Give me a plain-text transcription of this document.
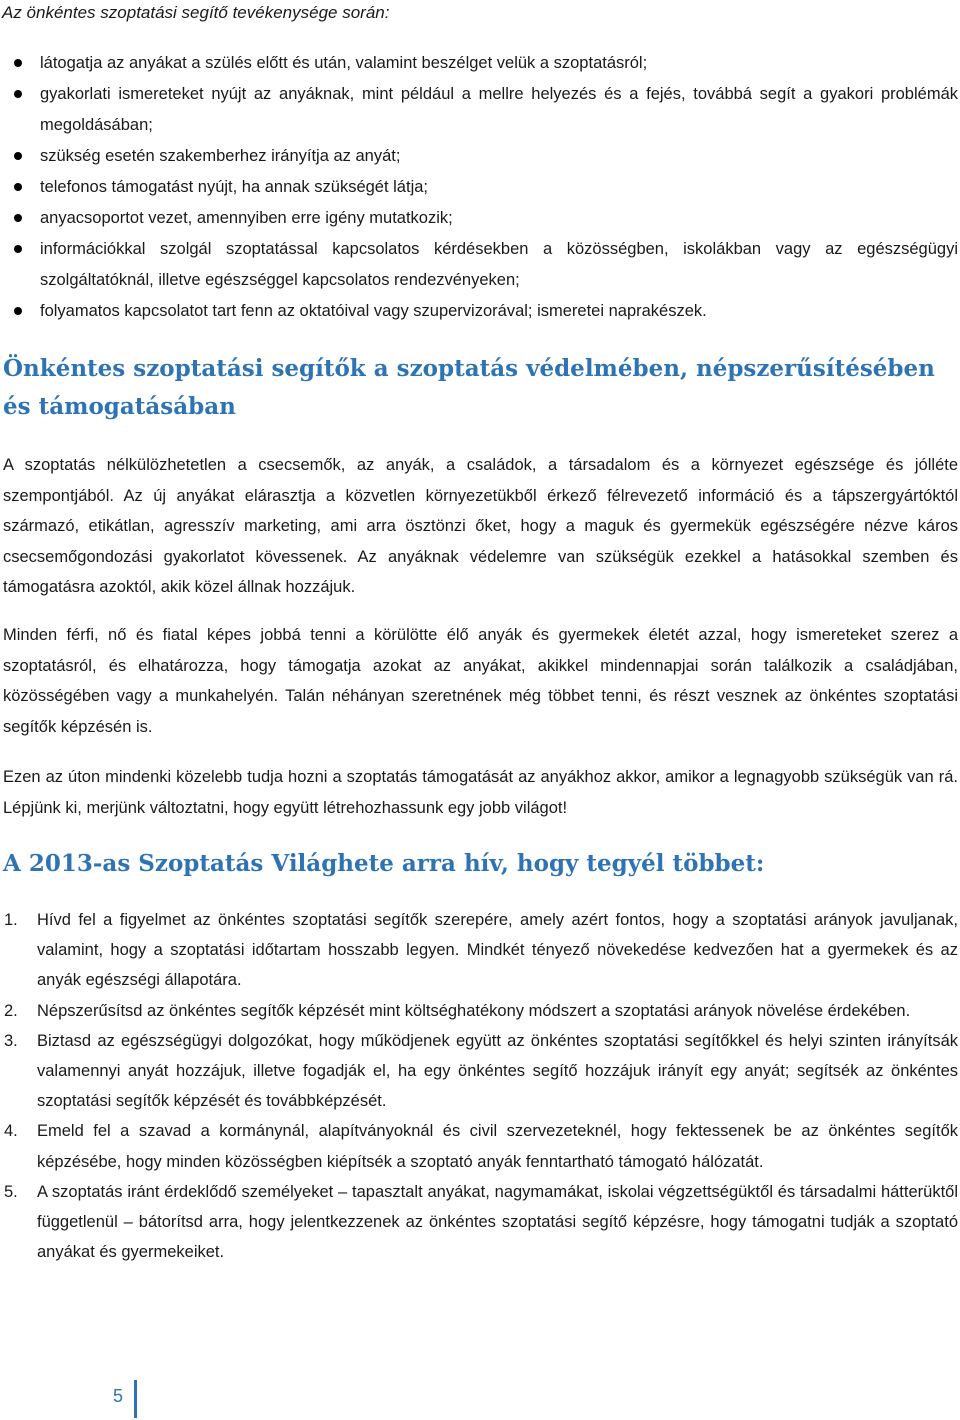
Az önkéntes szoptatási segítő tevékenysége során:
látogatja az anyákat a szülés előtt és után, valamint beszélget velük a szoptatásról;
gyakorlati ismereteket nyújt az anyáknak, mint például a mellre helyezés és a fejés, továbbá segít a gyakori problémák megoldásában;
szükség esetén szakemberhez irányítja az anyát;
telefonos támogatást nyújt, ha annak szükségét látja;
anyacsoportot vezet, amennyiben erre igény mutatkozik;
információkkal szolgál szoptatással kapcsolatos kérdésekben a közösségben, iskolákban vagy az egészségügyi szolgáltatóknál, illetve egészséggel kapcsolatos rendezvényeken;
folyamatos kapcsolatot tart fenn az oktatóival vagy szupervizorával; ismeretei naprakészek.
Önkéntes szoptatási segítők a szoptatás védelmében, népszerűsítésében és támogatásában

A szoptatás nélkülözhetetlen a csecsemők, az anyák, a családok, a társadalom és a környezet egészsége és jólléte szempontjából. Az új anyákat elárasztja a közvetlen környezetükből érkező félrevezető információ és a tápszergyártóktól származó, etikátlan, agresszív marketing, ami arra ösztönzi őket, hogy a maguk és gyermekük egészségére nézve káros csecsemőgondozási gyakorlatot kövessenek. Az anyáknak védelemre van szükségük ezekkel a hatásokkal szemben és támogatásra azoktól, akik közel állnak hozzájuk.

Minden férfi, nő és fiatal képes jobbá tenni a körülötte élő anyák és gyermekek életét azzal, hogy ismereteket szerez a szoptatásról, és elhatározza, hogy támogatja azokat az anyákat, akikkel mindennapjai során találkozik a családjában, közösségében vagy a munkahelyén. Talán néhányan szeretnének még többet tenni, és részt vesznek az önkéntes szoptatási segítők képzésén is.

Ezen az úton mindenki közelebb tudja hozni a szoptatás támogatását az anyákhoz akkor, amikor a legnagyobb szükségük van rá. Lépjünk ki, merjünk változtatni, hogy együtt létrehozhassunk egy jobb világot!

A 2013-as Szoptatás Világhete arra hív, hogy tegyél többet:
1. Hívd fel a figyelmet az önkéntes szoptatási segítők szerepére, amely azért fontos, hogy a szoptatási arányok javuljanak, valamint, hogy a szoptatási időtartam hosszabb legyen. Mindkét tényező növekedése kedvezően hat a gyermekek és az anyák egészségi állapotára.
2. Népszerűsítsd az önkéntes segítők képzését mint költséghatékony módszert a szoptatási arányok növelése érdekében.
3. Biztasd az egészségügyi dolgozókat, hogy működjenek együtt az önkéntes szoptatási segítőkkel és helyi szinten irányítsák valamennyi anyát hozzájuk, illetve fogadják el, ha egy önkéntes segítő hozzájuk irányít egy anyát; segítsék az önkéntes szoptatási segítők képzését és továbbképzését.
4. Emeld fel a szavad a kormánynál, alapítványoknál és civil szervezeteknél, hogy fektessenek be az önkéntes segítők képzésébe, hogy minden közösségben kiépítsék a szoptató anyák fenntartható támogató hálózatát.
5. A szoptatás iránt érdeklődő személyeket – tapasztalt anyákat, nagymamákat, iskolai végzettségüktől és társadalmi hátterüktől függetlenül – bátorítsd arra, hogy jelentkezzenek az önkéntes szoptatási segítő képzésre, hogy támogatni tudják a szoptató anyákat és gyermekeiket.
5
